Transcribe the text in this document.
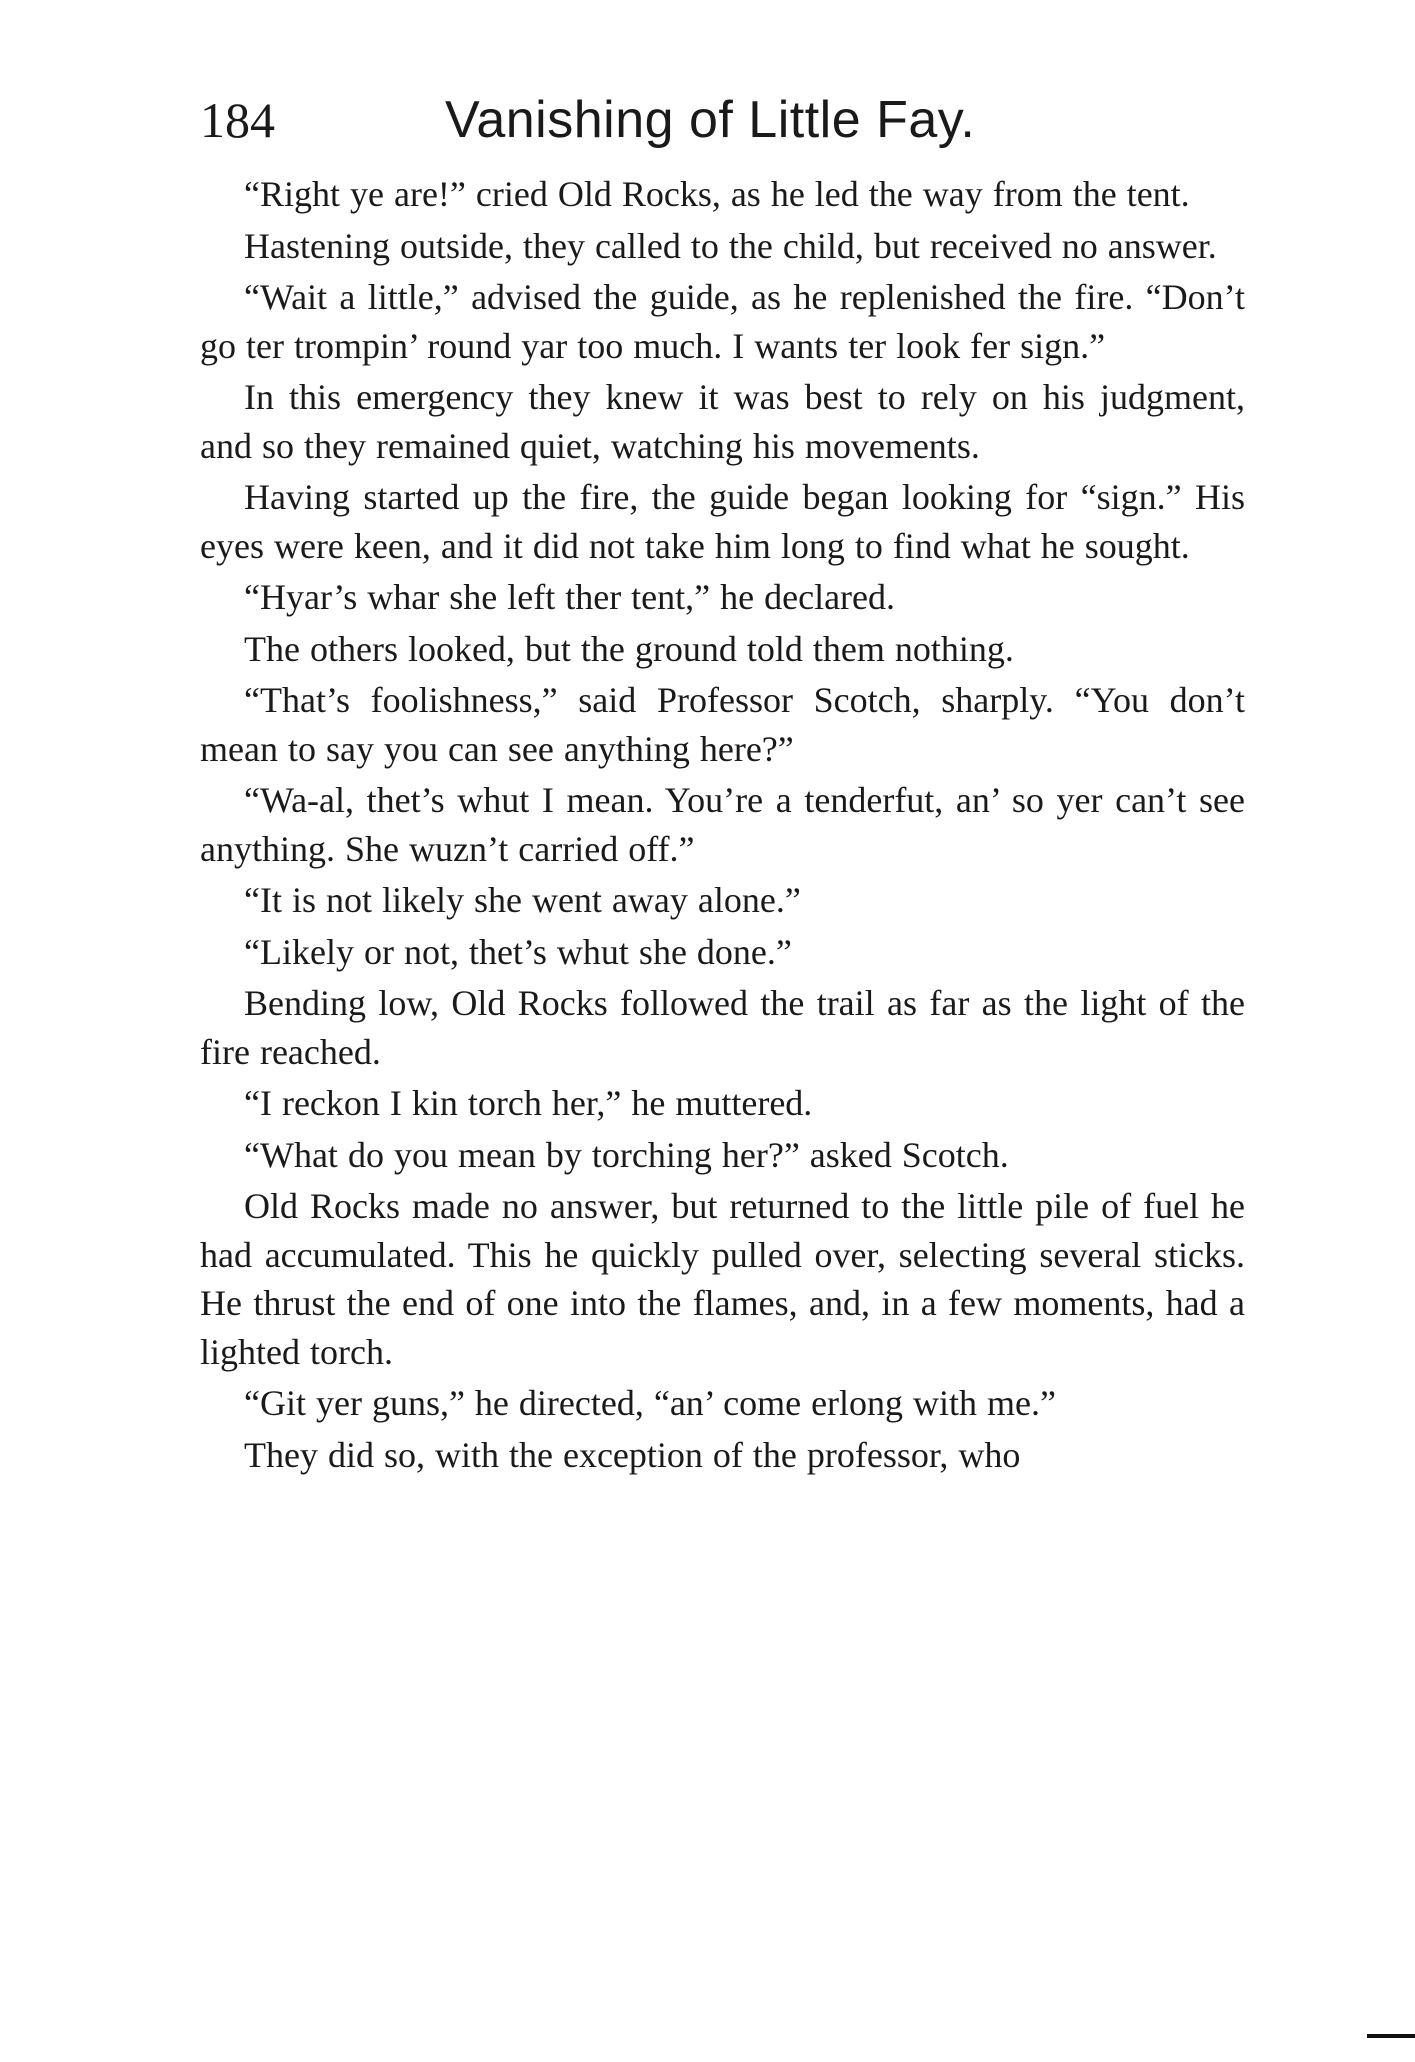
184	Vanishing of Little Fay.

“Right ye are!” cried Old Rocks, as he led the way from the tent.

Hastening outside, they called to the child, but received no answer.

“Wait a little,” advised the guide, as he replenished the fire. “Don’t go ter trompin’ round yar too much. I wants ter look fer sign.”

In this emergency they knew it was best to rely on his judgment, and so they remained quiet, watching his movements.

Having started up the fire, the guide began looking for “sign.” His eyes were keen, and it did not take him long to find what he sought.

“Hyar’s whar she left ther tent,” he declared.

The others looked, but the ground told them nothing.

“That’s foolishness,” said Professor Scotch, sharply. “You don’t mean to say you can see anything here?”

“Wa-al, thet’s whut I mean. You’re a tenderfut, an’ so yer can’t see anything. She wuzn’t carried off.”

“It is not likely she went away alone.”

“Likely or not, thet’s whut she done.”

Bending low, Old Rocks followed the trail as far as the light of the fire reached.

“I reckon I kin torch her,” he muttered.

“What do you mean by torching her?” asked Scotch.

Old Rocks made no answer, but returned to the little pile of fuel he had accumulated. This he quickly pulled over, selecting several sticks. He thrust the end of one into the flames, and, in a few moments, had a lighted torch.

“Git yer guns,” he directed, “an’ come erlong with me.”

They did so, with the exception of the professor, who
